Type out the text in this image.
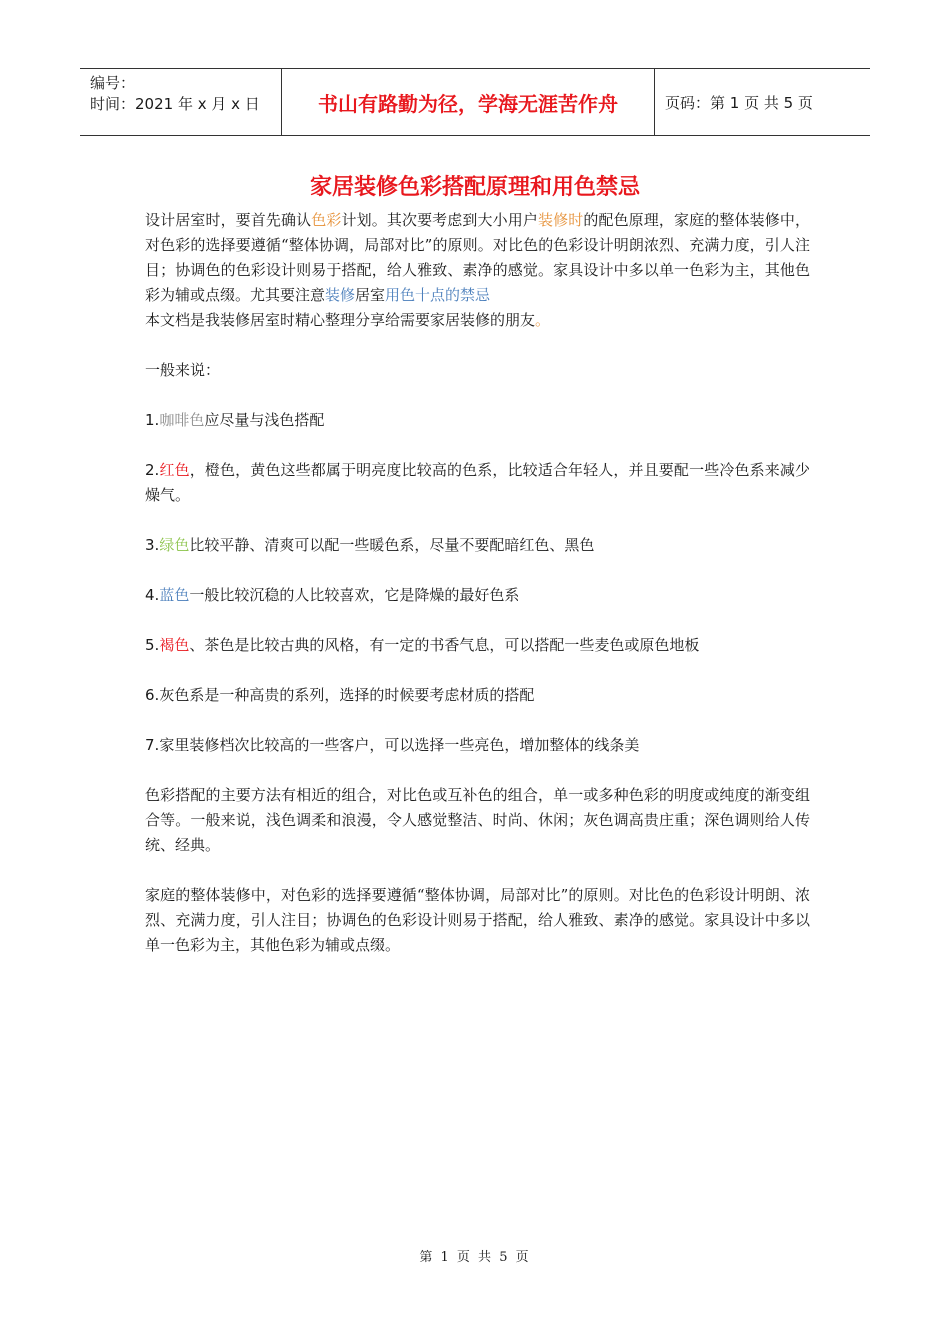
编号：
时间：2021 年 x 月 x 日	书山有路勤为径，学海无涯苦作舟	页码：第 1 页 共 5 页
家居装修色彩搭配原理和用色禁忌

设计居室时，要首先确认色彩计划。其次要考虑到大小用户装修时的配色原理，家庭的整体装修中，对色彩的选择要遵循“整体协调，局部对比”的原则。对比色的色彩设计明朗浓烈、充满力度，引人注目；协调色的色彩设计则易于搭配，给人雅致、素净的感觉。家具设计中多以单一色彩为主，其他色彩为辅或点缀。尤其要注意装修居室用色十点的禁忌
本文档是我装修居室时精心整理分享给需要家居装修的朋友。

一般来说：

1.咖啡色应尽量与浅色搭配

2.红色，橙色，黄色这些都属于明亮度比较高的色系，比较适合年轻人，并且要配一些冷色系来减少燥气。

3.绿色比较平静、清爽可以配一些暖色系，尽量不要配暗红色、黑色

4.蓝色一般比较沉稳的人比较喜欢，它是降燥的最好色系

5.褐色、茶色是比较古典的风格，有一定的书香气息，可以搭配一些麦色或原色地板

6.灰色系是一种高贵的系列，选择的时候要考虑材质的搭配

7.家里装修档次比较高的一些客户，可以选择一些亮色，增加整体的线条美

色彩搭配的主要方法有相近的组合，对比色或互补色的组合，单一或多种色彩的明度或纯度的渐变组合等。一般来说，浅色调柔和浪漫，令人感觉整洁、时尚、休闲；灰色调高贵庄重；深色调则给人传统、经典。

家庭的整体装修中，对色彩的选择要遵循“整体协调，局部对比”的原则。对比色的色彩设计明朗、浓烈、充满力度，引人注目；协调色的色彩设计则易于搭配，给人雅致、素净的感觉。家具设计中多以单一色彩为主，其他色彩为辅或点缀。

第 1 页 共 5 页
